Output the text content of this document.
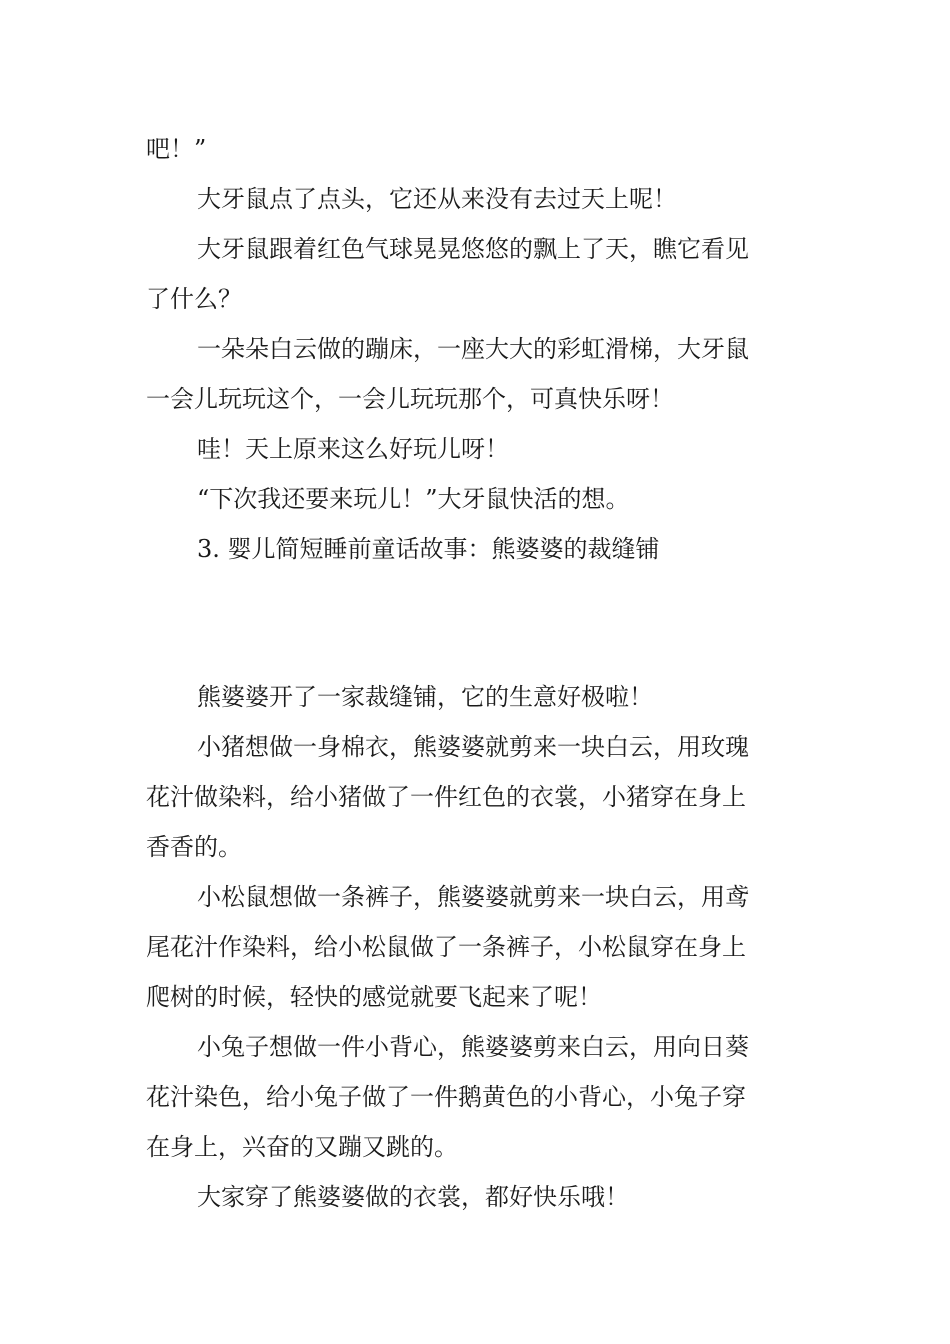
吧！”
大牙鼠点了点头，它还从来没有去过天上呢！
大牙鼠跟着红色气球晃晃悠悠的飘上了天，瞧它看见
了什么？
一朵朵白云做的蹦床，一座大大的彩虹滑梯，大牙鼠
一会儿玩玩这个，一会儿玩玩那个，可真快乐呀！
哇！天上原来这么好玩儿呀！
“下次我还要来玩儿！”大牙鼠快活的想。
3. 婴儿简短睡前童话故事：熊婆婆的裁缝铺
熊婆婆开了一家裁缝铺，它的生意好极啦！
小猪想做一身棉衣，熊婆婆就剪来一块白云，用玫瑰
花汁做染料，给小猪做了一件红色的衣裳，小猪穿在身上
香香的。
小松鼠想做一条裤子，熊婆婆就剪来一块白云，用鸢
尾花汁作染料，给小松鼠做了一条裤子，小松鼠穿在身上
爬树的时候，轻快的感觉就要飞起来了呢！
小兔子想做一件小背心，熊婆婆剪来白云，用向日葵
花汁染色，给小兔子做了一件鹅黄色的小背心，小兔子穿
在身上，兴奋的又蹦又跳的。
大家穿了熊婆婆做的衣裳，都好快乐哦！
